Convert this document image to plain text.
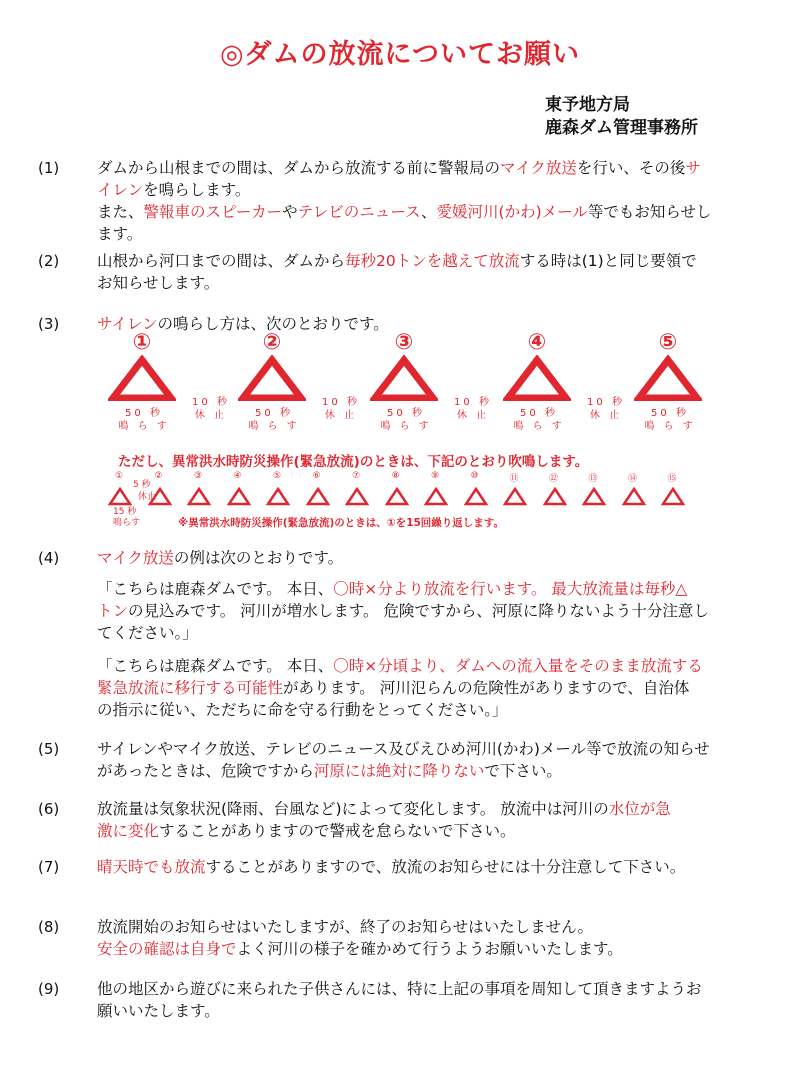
◎ダムの放流についてお願い
東予地方局
鹿森ダム管理事務所
(1) ダムから山根までの間は、ダムから放流する前に警報局のマイク放送を行い、その後サ
イレンを鳴らします。
また、警報車のスピーカーやテレビのニュース、愛媛河川(かわ)メール等でもお知らせし
ます。
(2) 山根から河口までの間は、ダムから毎秒20トンを越えて放流する時は(1)と同じ要領で
お知らせします。
(3) サイレンの鳴らし方は、次のとおりです。
(4) マイク放送の例は次のとおりです。
(5) サイレンやマイク放送、テレビのニュース及びえひめ河川(かわ)メール等で放流の知らせ
があったときは、危険ですから河原には絶対に降りないで下さい。
(6) 放流量は気象状況(降雨、台風など)によって変化します。 放流中は河川の水位が急
激に変化することがありますので警戒を怠らないで下さい。
(7) 晴天時でも放流することがありますので、放流のお知らせには十分注意して下さい。
(8) 放流開始のお知らせはいたしますが、終了のお知らせはいたしません。
安全の確認は自身でよく河川の様子を確かめて行うようお願いいたします。
(9) 他の地区から遊びに来られた子供さんには、特に上記の事項を周知して頂きますようお
願いいたします。
①
50 秒
鳴 ら す
10 秒
休 止
②
50 秒
鳴 ら す
10 秒
休 止
③
50 秒
鳴 ら す
10 秒
休 止
④
50 秒
鳴 ら す
10 秒
休 止
⑤
50 秒
鳴 ら す
ただし、異常洪水時防災操作(緊急放流)のときは、下記のとおり吹鳴します。
①	②	③	④	⑤	⑥	⑦	⑧	⑨	⑩	⑪	⑫	⑬	⑭	⑮
15 秒
鳴らす
5 秒
休止
※異常洪水時防災操作(緊急放流)のときは、①を15回繰り返します。
「こちらは鹿森ダムです。 本日、〇時×分より放流を行います。 最大放流量は毎秒△
トンの見込みです。 河川が増水します。 危険ですから、河原に降りないよう十分注意し
てください。」
「こちらは鹿森ダムです。 本日、〇時×分頃より、ダムへの流入量をそのまま放流する
緊急放流に移行する可能性があります。 河川氾らんの危険性がありますので、自治体
の指示に従い、ただちに命を守る行動をとってください。」
